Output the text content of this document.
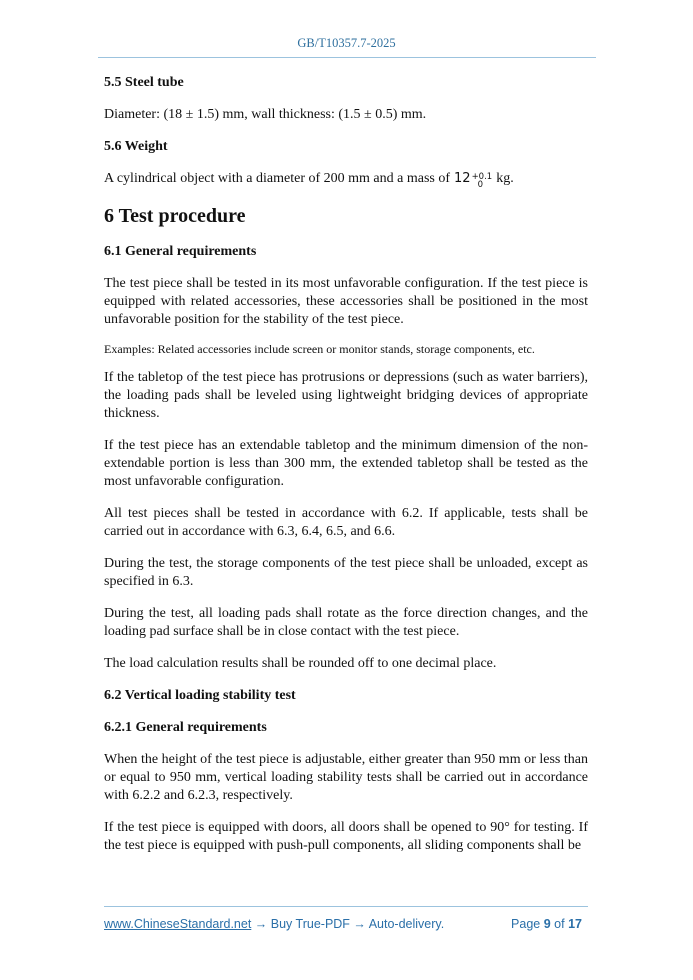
GB/T10357.7-2025

5.5 Steel tube

Diameter: (18 ± 1.5) mm, wall thickness: (1.5 ± 0.5) mm.

5.6 Weight

A cylindrical object with a diameter of 200 mm and a mass of 12 +0.1
0 kg.

6 Test procedure

6.1 General requirements

The test piece shall be tested in its most unfavorable configuration. If the test piece is equipped with related accessories, these accessories shall be positioned in the most unfavorable position for the stability of the test piece.

Examples: Related accessories include screen or monitor stands, storage components, etc.

If the tabletop of the test piece has protrusions or depressions (such as water barriers), the loading pads shall be leveled using lightweight bridging devices of appropriate thickness.

If the test piece has an extendable tabletop and the minimum dimension of the non-extendable portion is less than 300 mm, the extended tabletop shall be tested as the most unfavorable configuration.

All test pieces shall be tested in accordance with 6.2. If applicable, tests shall be carried out in accordance with 6.3, 6.4, 6.5, and 6.6.

During the test, the storage components of the test piece shall be unloaded, except as specified in 6.3.

During the test, all loading pads shall rotate as the force direction changes, and the loading pad surface shall be in close contact with the test piece.

The load calculation results shall be rounded off to one decimal place.

6.2 Vertical loading stability test

6.2.1 General requirements

When the height of the test piece is adjustable, either greater than 950 mm or less than or equal to 950 mm, vertical loading stability tests shall be carried out in accordance with 6.2.2 and 6.2.3, respectively.

If the test piece is equipped with doors, all doors shall be opened to 90° for testing. If the test piece is equipped with push-pull components, all sliding components shall be

www.ChineseStandard.net → Buy True-PDF → Auto-delivery.	Page 9 of 17
